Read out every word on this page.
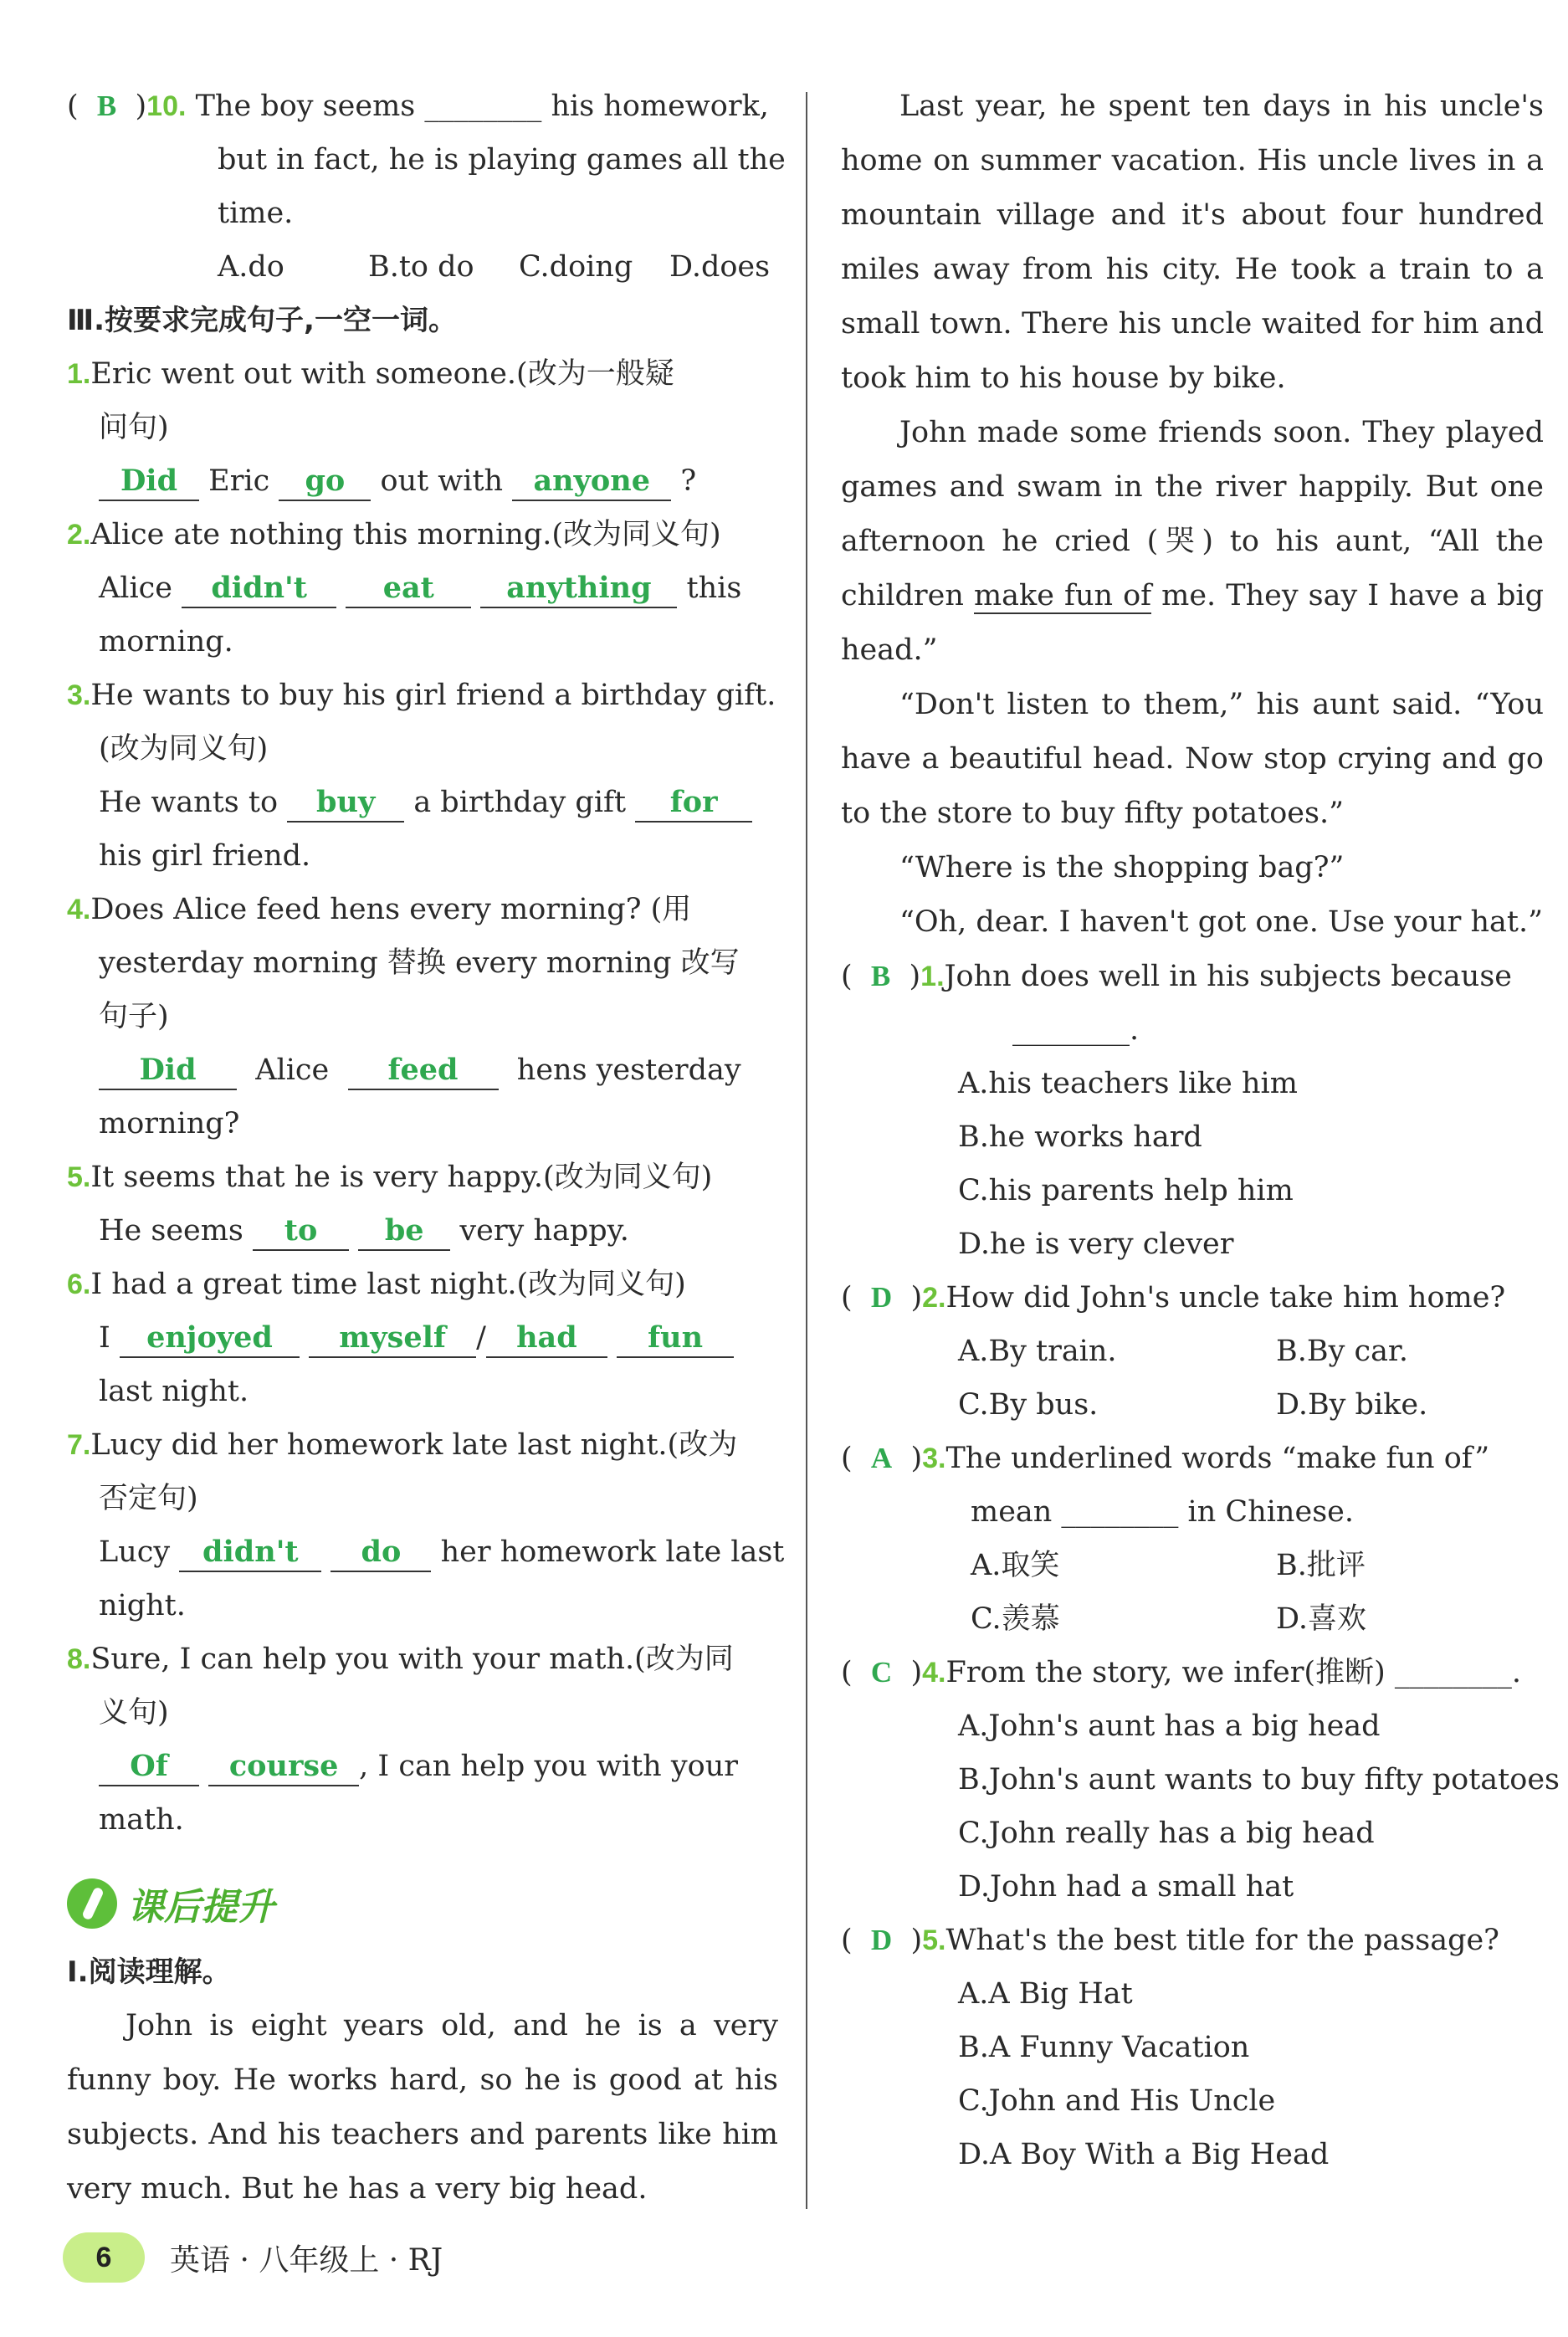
(  B  )10. The boy seems ________ his homework,
but in fact, he is playing games all the
time.
A.do	B.to do C.doing D.does
Ⅲ.按要求完成句子,一空一词。
1.Eric went out with someone.(改为一般疑
问句)
Did Eric go out with anyone ?
2.Alice ate nothing this morning.(改为同义句)
Alice didn't	eat anything this
morning.
3.He wants to buy his girl friend a birthday gift.
(改为同义句)
He wants to buy a birthday gift for
his girl friend.
4.Does Alice feed hens every morning? (用
yesterday morning 替换 every morning 改写
句子)
Did Alice feed hens yesterday
morning?
5.It seems that he is very happy.(改为同义句)
He seems to be very happy.
6.I had a great time last night.(改为同义句)
I enjoyed myself / had fun
last night.
7.Lucy did her homework late last night.(改为
否定句)
Lucy didn't do her homework late last
night.
8.Sure, I can help you with your math.(改为同
义句)
Of course , I can help you with your
math.
课后提升
Ⅰ.阅读理解。
John is eight years old, and he is a very funny boy. He works hard, so he is good at his subjects. And his teachers and parents like him very much. But he has a very big head.
Last year, he spent ten days in his uncle's home on summer vacation. His uncle lives in a mountain village and it's about four hundred miles away from his city. He took a train to a small town. There his uncle waited for him and took him to his house by bike.
John made some friends soon. They played games and swam in the river happily. But one afternoon he cried (哭) to his aunt, “All the children make fun of me. They say I have a big head.”
“Don't listen to them,” his aunt said. “You have a beautiful head. Now stop crying and go to the store to buy fifty potatoes.”
“Where is the shopping bag?”
“Oh, dear. I haven't got one. Use your hat.”
(  B  )1.John does well in his subjects because
________.
A.his teachers like him
B.he works hard
C.his parents help him
D.he is very clever
(  D  )2.How did John's uncle take him home?
A.By train.	B.By car.
C.By bus.	D.By bike.
(  A  )3.The underlined words “make fun of”
mean ________ in Chinese.
A.取笑	B.批评
C.羡慕	D.喜欢
(  C  )4.From the story, we infer(推断) ________.
A.John's aunt has a big head
B.John's aunt wants to buy fifty potatoes
C.John really has a big head
D.John had a small hat
(  D  )5.What's the best title for the passage?
A.A Big Hat
B.A Funny Vacation
C.John and His Uncle
D.A Boy With a Big Head
6	英语 · 八年级上 · RJ
